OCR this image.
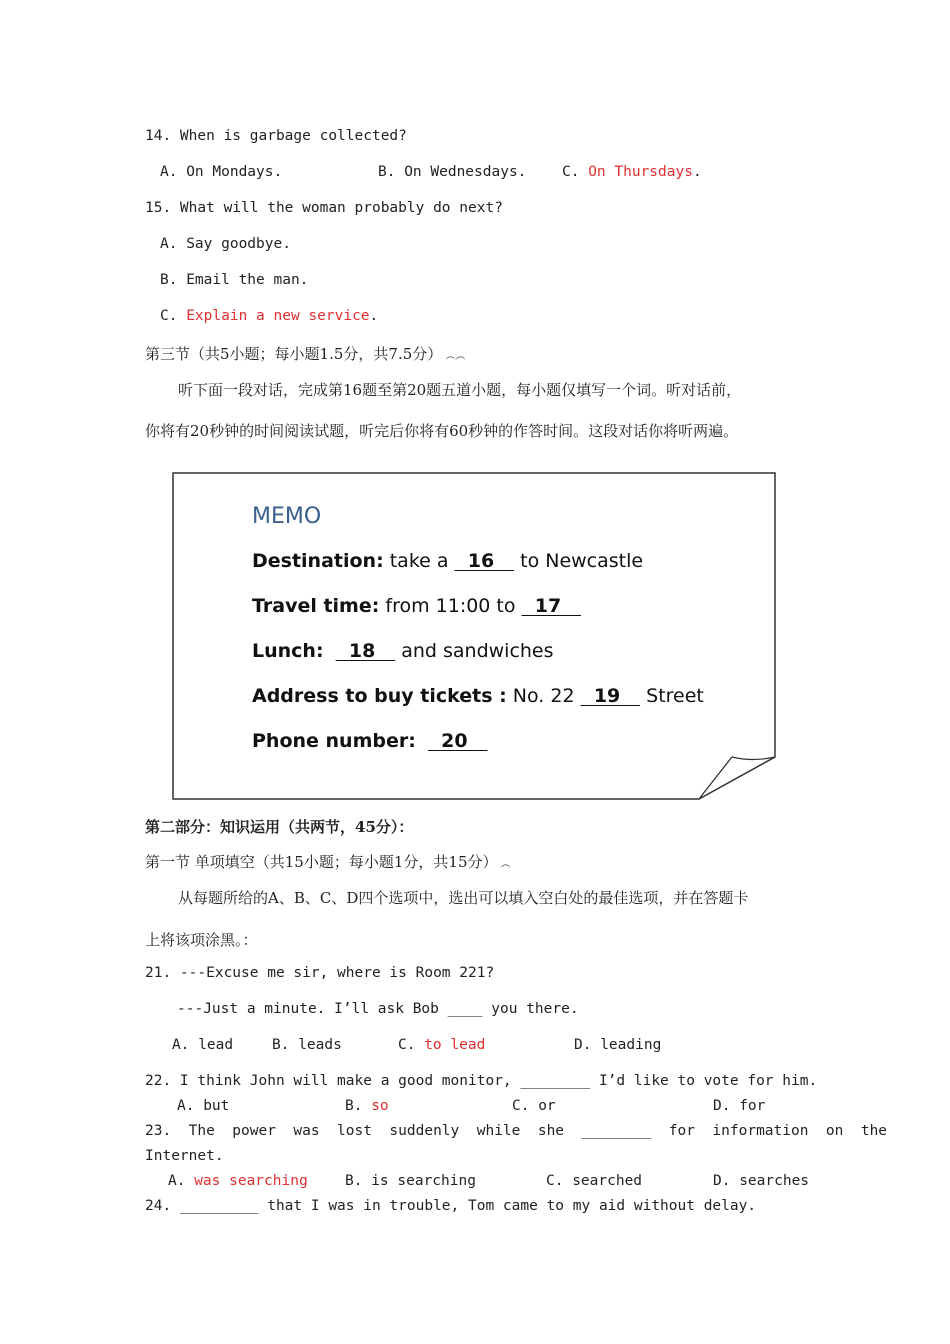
14. When is garbage collected?
A. On Mondays.	B. On Wednesdays. C. On Thursdays.
15. What will the woman probably do next?
A. Say goodbye.
B. Email the man.
C. Explain a new service.
第三节（共5小题；每小题1.5分，共7.5分） ︵︵
听下面一段对话，完成第16题至第20题五道小题，每小题仅填写一个词。听对话前，
你将有20秒钟的时间阅读试题，听完后你将有60秒钟的作答时间。这段对话你将听两遍。
MEMO
Destination: take a   16    to Newcastle
Travel time: from 11:00 to   17
Lunch:    18    and sandwiches
Address to buy tickets : No. 22   19    Street
Phone number:    20
第二部分：知识运用（共两节，45分）：
第一节 单项填空（共15小题；每小题1分，共15分） ︵
从每题所给的A、B、C、D四个选项中，选出可以填入空白处的最佳选项，并在答题卡
上将该项涂黑。：
21. ---Excuse me sir, where is Room 221?
---Just a minute. I’ll ask Bob ____ you there.
A. lead	B. leads	C. to lead	D. leading
22. I think John will make a good monitor, ________ I’d like to vote for him.
A. but	B. so	C. or	D. for
23.  The  power  was  lost  suddenly  while  she  ________  for  information  on  the
Internet.
A. was searching	B. is searching	C. searched	D. searches
24. _________ that I was in trouble, Tom came to my aid without delay.
